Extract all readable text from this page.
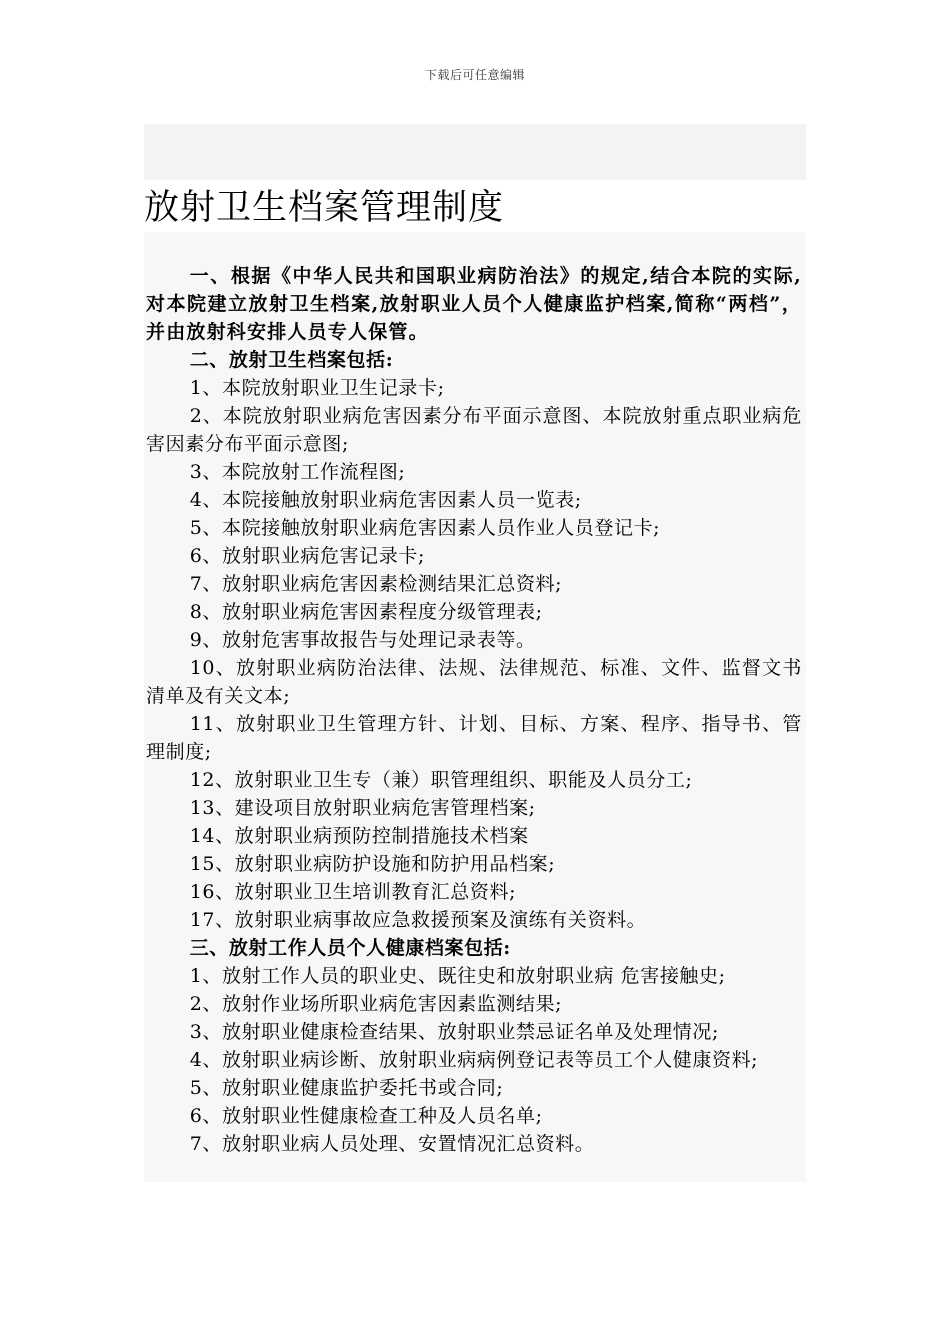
下载后可任意编辑
放射卫生档案管理制度

一、根据《中华人民共和国职业病防治法》的规定,结合本院的实际,对本院建立放射卫生档案,放射职业人员个人健康监护档案,简称“两档”，并由放射科安排人员专人保管。

二、放射卫生档案包括:

1、本院放射职业卫生记录卡;

2、本院放射职业病危害因素分布平面示意图、本院放射重点职业病危害因素分布平面示意图;

3、本院放射工作流程图;

4、本院接触放射职业病危害因素人员一览表;

5、本院接触放射职业病危害因素人员作业人员登记卡;

6、放射职业病危害记录卡;

7、放射职业病危害因素检测结果汇总资料;

8、放射职业病危害因素程度分级管理表;

9、放射危害事故报告与处理记录表等。

10、放射职业病防治法律、法规、法律规范、标准、文件、监督文书清单及有关文本;

11、放射职业卫生管理方针、计划、目标、方案、程序、指导书、管理制度;

12、放射职业卫生专（兼）职管理组织、职能及人员分工;

13、建设项目放射职业病危害管理档案;

14、放射职业病预防控制措施技术档案

15、放射职业病防护设施和防护用品档案;

16、放射职业卫生培训教育汇总资料;

17、放射职业病事故应急救援预案及演练有关资料。

三、放射工作人员个人健康档案包括:

1、放射工作人员的职业史、既往史和放射职业病 危害接触史;

2、放射作业场所职业病危害因素监测结果;

3、放射职业健康检查结果、放射职业禁忌证名单及处理情况;

4、放射职业病诊断、放射职业病病例登记表等员工个人健康资料;

5、放射职业健康监护委托书或合同;

6、放射职业性健康检查工种及人员名单;

7、放射职业病人员处理、安置情况汇总资料。
